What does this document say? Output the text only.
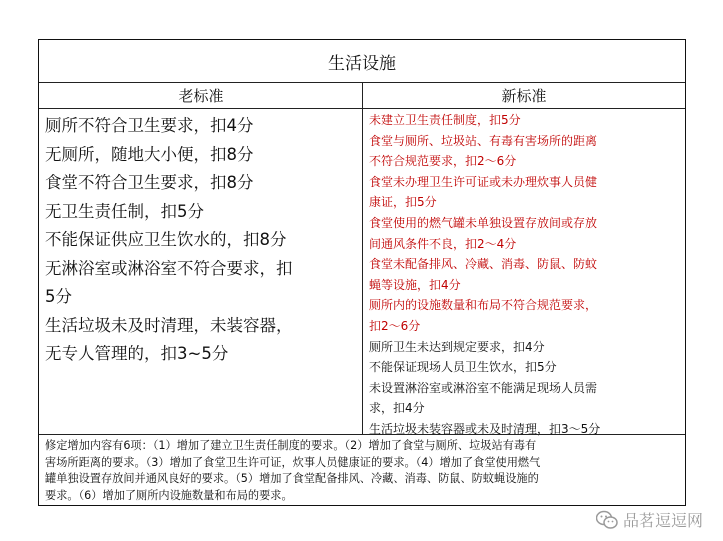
生活设施
老标准	新标准
厕所不符合卫生要求，扣4分
无厕所，随地大小便，扣8分
食堂不符合卫生要求，扣8分
无卫生责任制，扣5分
不能保证供应卫生饮水的，扣8分
无淋浴室或淋浴室不符合要求，扣
5分
生活垃圾未及时清理，未装容器，
无专人管理的，扣3~5分
未建立卫生责任制度，扣5分
食堂与厕所、垃圾站、有毒有害场所的距离
不符合规范要求，扣2～6分
食堂未办理卫生许可证或未办理炊事人员健
康证，扣5分
食堂使用的燃气罐未单独设置存放间或存放
间通风条件不良，扣2～4分
食堂未配备排风、冷藏、消毒、防鼠、防蚊
蝇等设施，扣4分
厕所内的设施数量和布局不符合规范要求，
扣2～6分
厕所卫生未达到规定要求，扣4分
不能保证现场人员卫生饮水，扣5分
未设置淋浴室或淋浴室不能满足现场人员需
求，扣4分
生活垃圾未装容器或未及时清理，扣3～5分
修定增加内容有6项：（1）增加了建立卫生责任制度的要求。（2）增加了食堂与厕所、垃圾站有毒有
害场所距离的要求。（3）增加了食堂卫生许可证，炊事人员健康证的要求。（4）增加了食堂使用燃气
罐单独设置存放间并通风良好的要求。（5）增加了食堂配备排风、冷藏、消毒、防鼠、防蚊蝇设施的
要求。（6）增加了厕所内设施数量和布局的要求。
品茗逗逗网
